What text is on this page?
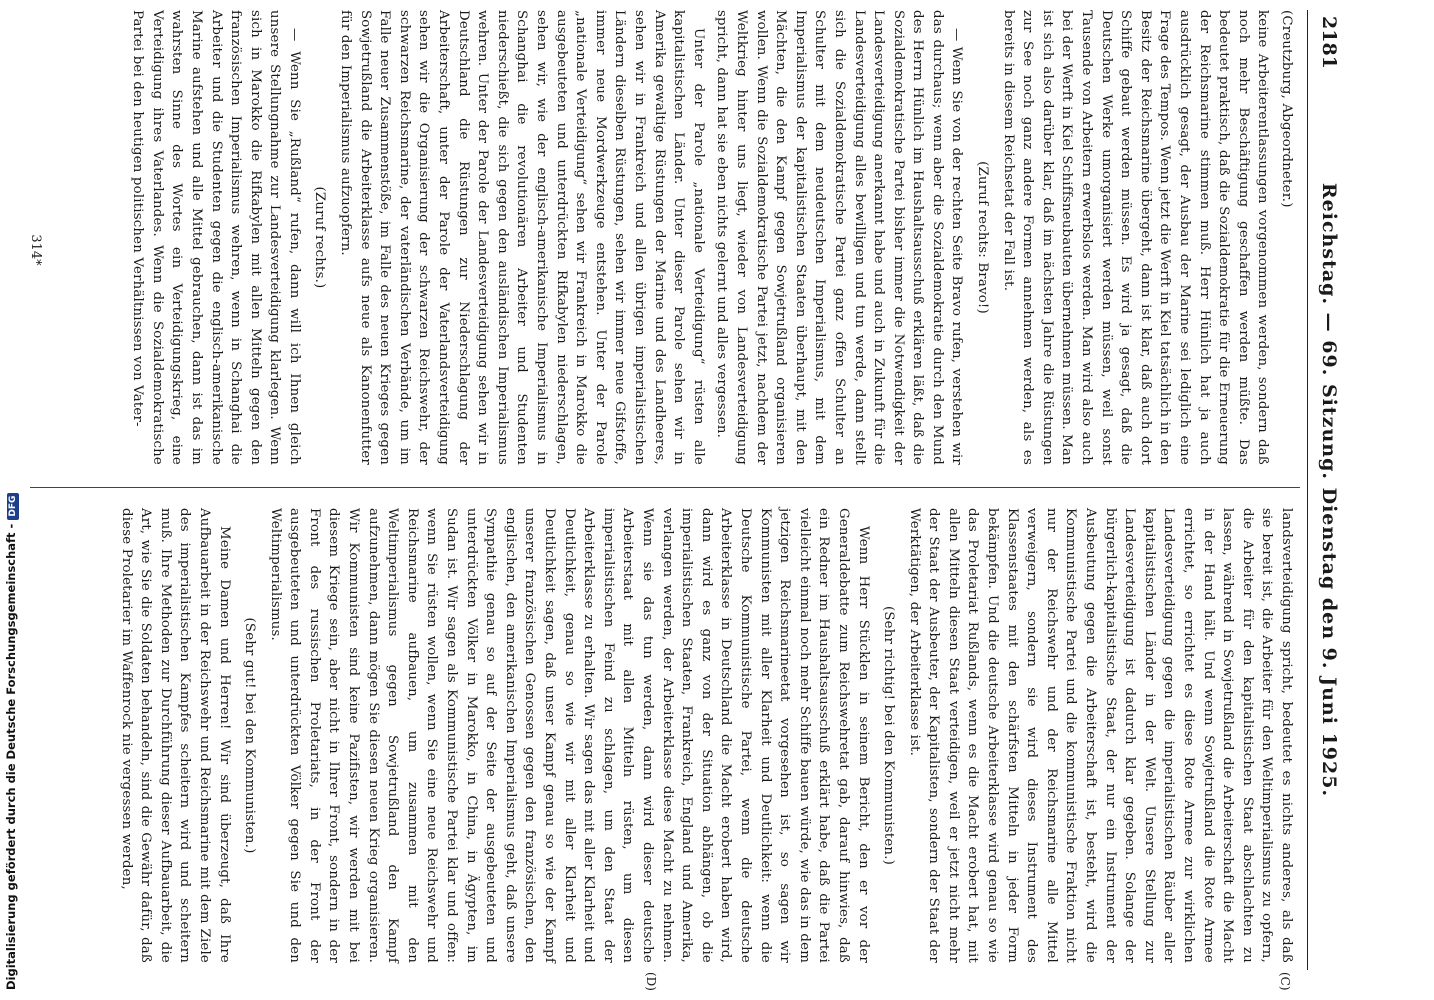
Digitalisierung gefördert durch die Deutsche Forschungsgemeinschaft -DFG
2181
Reichstag. — 69. Sitzung. Dienstag den 9. Juni 1925.
(C)
(D)

(Creutzburg, Abgeordneter.)

keine Arbeiterentlassungen vorgenommen werden, sondern daß noch mehr Beschäftigung geschaffen werden müßte. Das bedeutet praktisch, daß die Sozialdemokratie für die Erneuerung der Reichsmarine stimmen muß. Herr Hünlich hat ja auch ausdrücklich gesagt, der Ausbau der Marine sei lediglich eine Frage des Tempos. Wenn jetzt die Werft in Kiel tatsächlich in den Besitz der Reichsmarine übergeht, dann ist klar, daß auch dort Schiffe gebaut werden müssen. Es wird ja gesagt, daß die Deutschen Werke umorganisiert werden müssen, weil sonst Tausende von Arbeitern erwerbslos werden. Man wird also auch bei der Werft in Kiel Schiffsneubauten übernehmen müssen. Man ist sich also darüber klar, daß im nächsten Jahre die Rüstungen zur See noch ganz andere Formen annehmen werden, als es bereits in diesem Reichsetat der Fall ist.

(Zuruf rechts: Bravo!)

— Wenn Sie von der rechten Seite Bravo rufen, verstehen wir das durchaus; wenn aber die Sozialdemokratie durch den Mund des Herrn Hünlich im Haushaltsausschuß erklären läßt, daß die Sozialdemokratische Partei bisher immer die Notwendigkeit der Landesverteidigung anerkannt habe und auch in Zukunft für die Landesverteidigung alles bewilligen und tun werde, dann stellt sich die Sozialdemokratische Partei ganz offen Schulter an Schulter mit dem neudeutschen Imperialismus, mit dem Imperialismus der kapitalistischen Staaten überhaupt, mit den Mächten, die den Kampf gegen Sowjetrußland organisieren wollen. Wenn die Sozialdemokratische Partei jetzt, nachdem der Weltkrieg hinter uns liegt, wieder von Landesverteidigung spricht, dann hat sie eben nichts gelernt und alles vergessen.

Unter der Parole „nationale Verteidigung“ rüsten alle kapitalistischen Länder. Unter dieser Parole sehen wir in Amerika gewaltige Rüstungen der Marine und des Landheeres, sehen wir in Frankreich und allen übrigen imperialistischen Ländern dieselben Rüstungen, sehen wir immer neue Gifstoffe, immer neue Mordwerkzeuge entstehen. Unter der Parole „nationale Verteidigung“ sehen wir Frankreich in Marokko die ausgebeuteten und unterdrückten Rifkabylen niederschlagen, sehen wir, wie der englisch-amerikanische Imperialismus in Schanghai die revolutionären Arbeiter und Studenten niederschießt, die sich gegen den ausländischen Imperialismus wehren. Unter der Parole der Landesverteidigung sehen wir in Deutschland die Rüstungen zur Niederschlagung der Arbeiterschaft, unter der Parole der Vaterlandsverteidigung sehen wir die Organisierung der schwarzen Reichswehr, der schwarzen Reichsmarine, der vaterländischen Verbände, um im Falle neuer Zusammenstöße, im Falle des neuen Krieges gegen Sowjetrußland die Arbeiterklasse aufs neue als Kanonenfutter für den Imperialismus aufzuopfern.

(Zuruf rechts.)

— Wenn Sie „Rußland“ rufen, dann will ich Ihnen gleich unsere Stellungnahme zur Landesverteidigung klarlegen. Wenn sich in Marokko die Rifkabylen mit allen Mitteln gegen den französischen Imperialismus wehren, wenn in Schanghai die Arbeiter und die Studenten gegen die englisch-amerikanische Marine aufstehen und alle Mittel gebrauchen, dann ist das im wahrsten Sinne des Wortes ein Verteidigungskrieg, eine Verteidigung ihres Vaterlandes. Wenn die Sozialdemokratische Partei bei den heutigen politischen Verhältnissen von Vater-

landsverteidigung spricht, bedeutet es nichts anderes, als daß sie bereit ist, die Arbeiter für den Weltimperialismus zu opfern, die Arbeiter für den kapitalistischen Staat abschlachten zu lassen, während in Sowjetrußland die Arbeiterschaft die Macht in der Hand hält. Und wenn Sowjetrußland die Rote Armee errichtet, so errichtet es diese Rote Armee zur wirklichen Landesverteidigung gegen die imperialistischen Räuber aller kapitalistischen Länder in der Welt. Unsere Stellung zur Landesverteidigung ist dadurch klar gegeben. Solange der bürgerlich-kapitalistische Staat, der nur ein Instrument der Ausbeutung gegen die Arbeiterschaft ist, besteht, wird die Kommunistische Partei und die kommunistische Fraktion nicht nur der Reichswehr und der Reichsmarine alle Mittel verweigern, sondern sie wird dieses Instrument des Klassenstaates mit den schärfsten Mitteln in jeder Form bekämpfen. Und die deutsche Arbeiterklasse wird genau so wie das Proletariat Rußlands, wenn es die Macht erobert hat, mit allen Mitteln diesen Staat verteidigen, weil er jetzt nicht mehr der Staat der Ausbeuter, der Kapitalisten, sondern der Staat der Werktätigen, der Arbeiterklasse ist.

(Sehr richtig! bei den Kommunisten.)

Wenn Herr Stücklen in seinem Bericht, den er vor der Generaldebatte zum Reichswehretat gab, darauf hinwies, daß ein Redner im Haushaltsausschuß erklärt habe, daß die Partei vielleicht einmal noch mehr Schiffe bauen würde, wie das in dem jetzigen Reichsmarineetat vorgesehen ist, so sagen wir Kommunisten mit aller Klarheit und Deutlichkeit: wenn die Deutsche Kommunistische Partei, wenn die deutsche Arbeiterklasse in Deutschland die Macht erobert haben wird, dann wird es ganz von der Situation abhängen, ob die imperialistischen Staaten, Frankreich, England und Amerika, verlangen werden, der Arbeiterklasse diese Macht zu nehmen. Wenn sie das tun werden, dann wird dieser deutsche Arbeiterstaat mit allen Mitteln rüsten, um diesen imperialistischen Feind zu schlagen, um den Staat der Arbeiterklasse zu erhalten. Wir sagen das mit aller Klarheit und Deutlichkeit, genau so wie wir mit aller Klarheit und Deutlichkeit sagen, daß unser Kampf genau so wie der Kampf unserer französischen Genossen gegen den französischen, den englischen, den amerikanischen Imperialismus geht, daß unsere Sympathie genau so auf der Seite der ausgebeuteten und unterdrückten Völker in Marokko, in China, in Ägypten, im Sudan ist. Wir sagen als Kommunistische Partei klar und offen: wenn Sie rüsten wollen, wenn Sie eine neue Reichswehr und Reichsmarine aufbauen, um zusammen mit den Weltimperialismus gegen Sowjetrußland den Kampf aufzunehmen, dann mögen Sie diesen neuen Krieg organisieren. Wir Kommunisten sind keine Pazifisten, wir werden mit bei diesem Kriege sein, aber nicht in Ihrer Front, sondern in der Front des russischen Proletariats, in der Front der ausgebeuteten und unterdrückten Völker gegen Sie und den Weltimperialismus.

(Sehr gut! bei den Kommunisten.)

Meine Damen und Herren! Wir sind überzeugt, daß Ihre Aufbauarbeit in der Reichswehr und Reichsmarine mit dem Ziele des imperialistischen Kampfes scheitern wird und scheitern muß. Ihre Methoden zur Durchführung dieser Aufbauarbeit, die Art, wie Sie die Soldaten behandeln, sind die Gewähr dafür, daß diese Proletarier im Waffenrock nie vergessen werden,

314*
